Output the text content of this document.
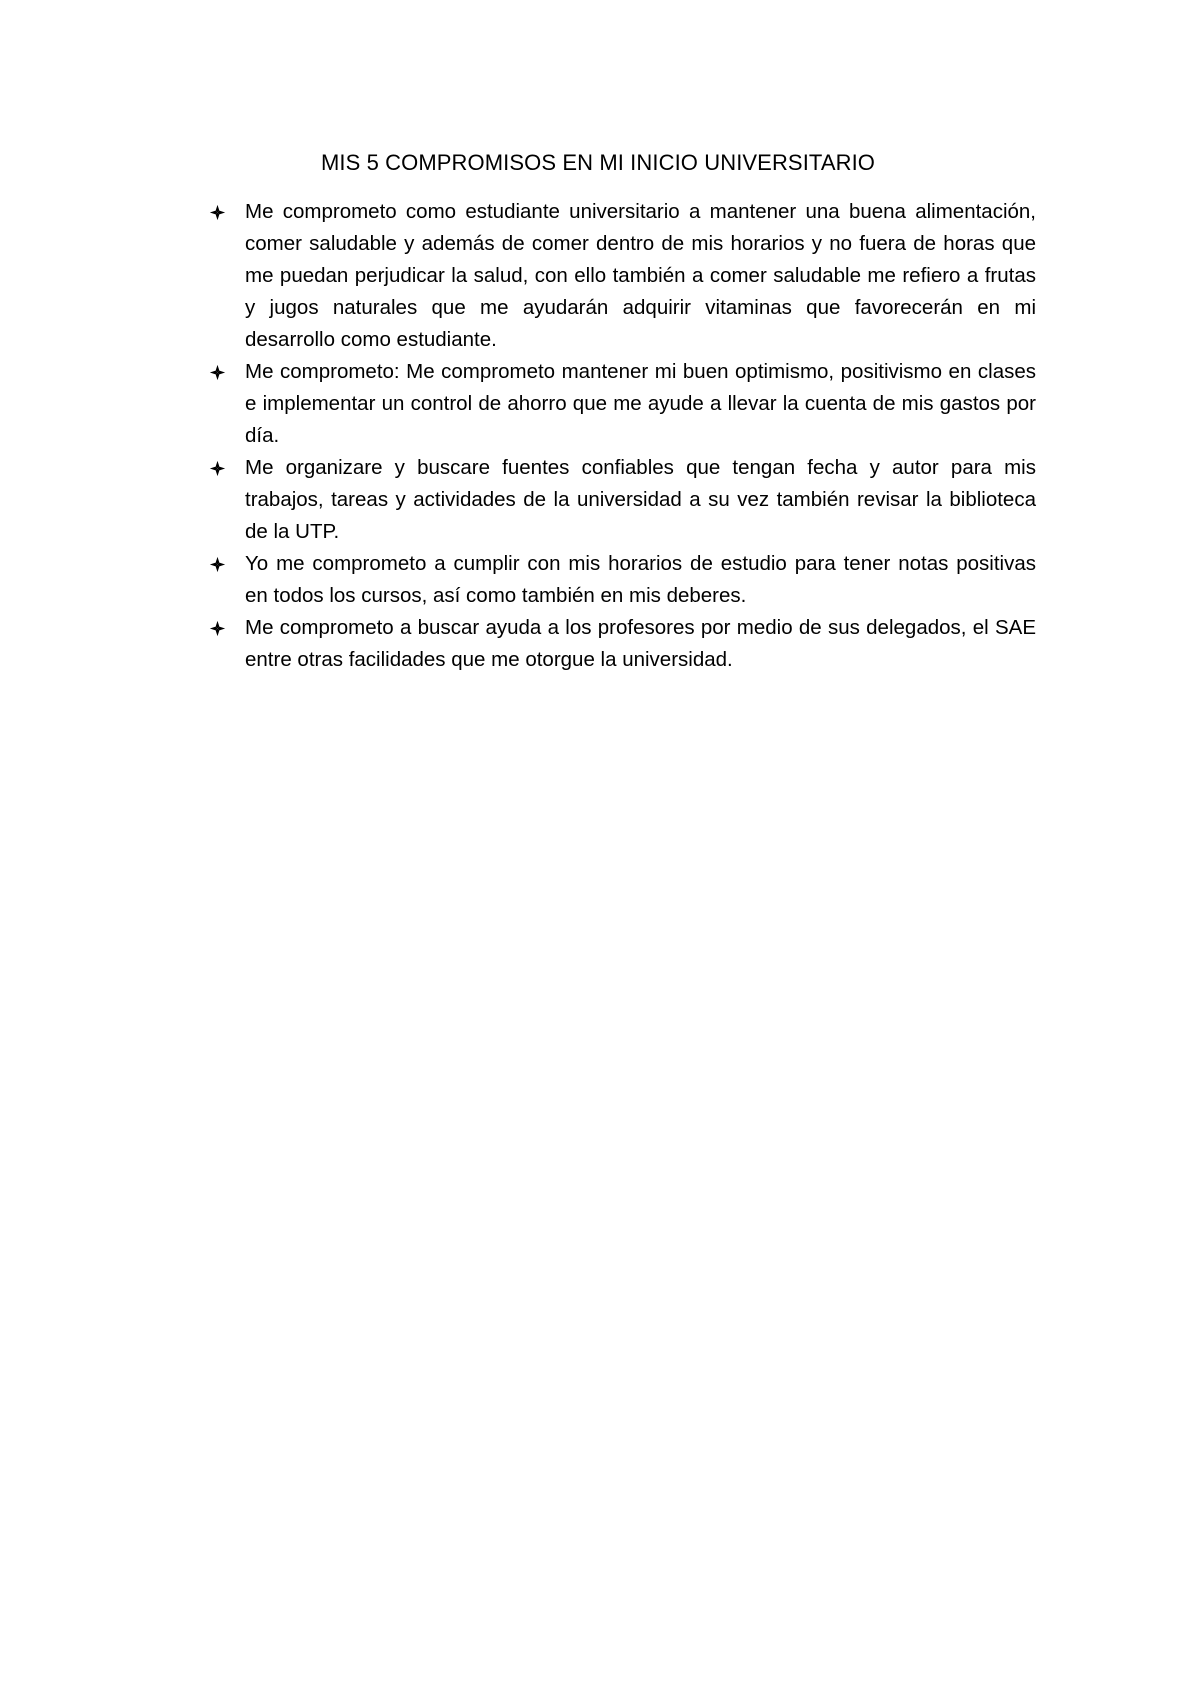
MIS 5 COMPROMISOS EN MI INICIO UNIVERSITARIO
Me comprometo como estudiante universitario a mantener una buena alimentación, comer saludable y además de comer dentro de mis horarios y no fuera de horas que me puedan perjudicar la salud, con ello también a comer saludable me refiero a frutas y jugos naturales que me ayudarán adquirir vitaminas que favorecerán en mi desarrollo como estudiante.
Me comprometo: Me comprometo mantener mi buen optimismo, positivismo en clases e implementar un control de ahorro que me ayude a llevar la cuenta de mis gastos por día.
Me organizare y buscare fuentes confiables que tengan fecha y autor para mis trabajos, tareas y actividades de la universidad a su vez también revisar la biblioteca de la UTP.
Yo me comprometo a cumplir con mis horarios de estudio para tener notas positivas en todos los cursos, así como también en mis deberes.
Me comprometo a buscar ayuda a los profesores por medio de sus delegados, el SAE entre otras facilidades que me otorgue la universidad.
